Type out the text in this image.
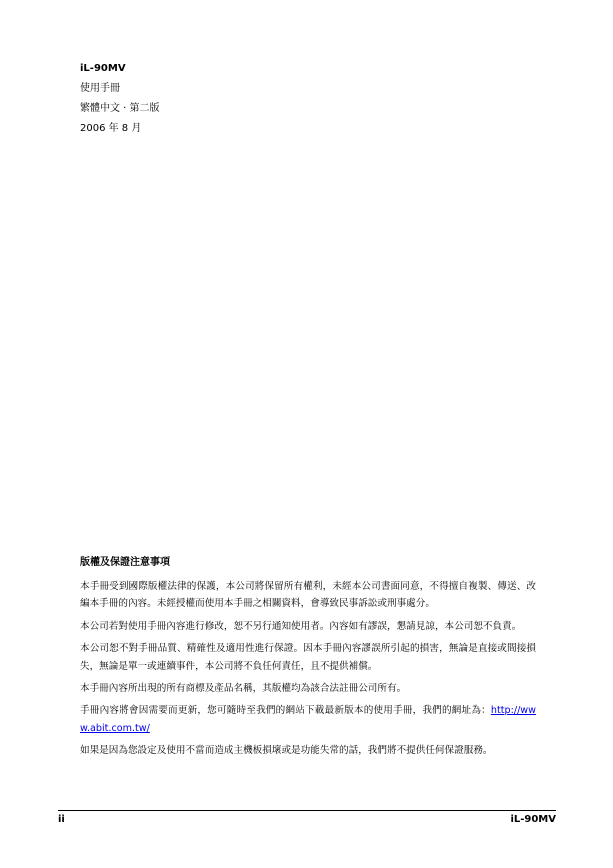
iL-90MV

使用手冊

繁體中文 · 第二版

2006 年 8 月

版權及保證注意事項

本手冊受到國際版權法律的保護，本公司將保留所有權利，未經本公司書面同意，不得擅自複製、傳送、改編本手冊的內容。未經授權而使用本手冊之相關資料，會導致民事訴訟或刑事處分。

本公司若對使用手冊內容進行修改，恕不另行通知使用者。內容如有謬誤，懇請見諒，本公司恕不負責。

本公司恕不對手冊品質、精確性及適用性進行保證。因本手冊內容謬誤所引起的損害，無論是直接或間接損失，無論是單一或連續事件，本公司將不負任何責任，且不提供補償。

本手冊內容所出現的所有商標及產品名稱，其版權均為該合法註冊公司所有。

手冊內容將會因需要而更新，您可隨時至我們的網站下載最新版本的使用手冊，我們的網址為：http://www.abit.com.tw/

如果是因為您設定及使用不當而造成主機板損壞或是功能失常的話，我們將不提供任何保證服務。

ii	iL-90MV
